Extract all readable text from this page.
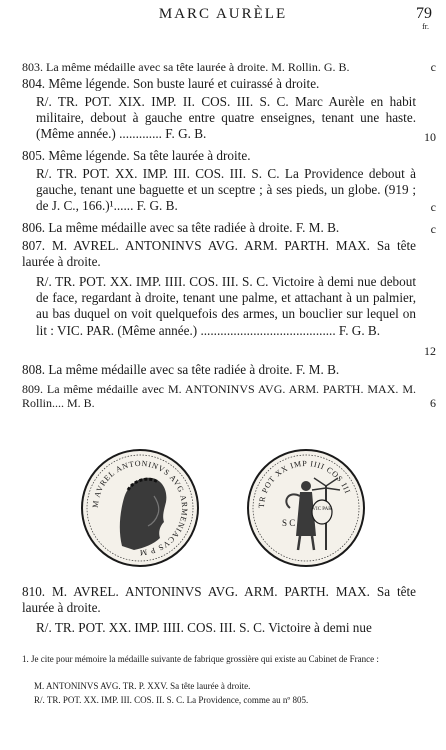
MARC AURÈLE	79
fr.
803. La même médaille avec sa tête laurée à droite. M. Rollin. G. B.	c
804. Même légende. Son buste lauré et cuirassé à droite.
R/. TR. POT. XIX. IMP. II. COS. III. S. C. Marc Aurèle en habit militaire, debout à gauche entre quatre enseignes, tenant une haste. (Même année.) ............. F. G. B.	10
805. Même légende. Sa tête laurée à droite.
R/. TR. POT. XX. IMP. III. COS. III. S. C. La Providence debout à gauche, tenant une baguette et un sceptre ; à ses pieds, un globe. (919 ; de J. C., 166.)¹...... F. G. B.	c
806. La même médaille avec sa tête radiée à droite. F. M. B.	c
807. M. AVREL. ANTONINVS AVG. ARM. PARTH. MAX. Sa tête laurée à droite.
R/. TR. POT. XX. IMP. IIII. COS. III. S. C. Victoire à demi nue debout de face, regardant à droite, tenant une palme, et attachant à un palmier, au bas duquel on voit quelquefois des armes, un bouclier sur lequel on lit : VIC. PAR. (Même année.) ......................................... F. G. B.
12
808. La même médaille avec sa tête radiée à droite. F. M. B.
809. La même médaille avec M. ANTONINVS AVG. ARM. PARTH. MAX. M. Rollin.... M. B.	6
M AVREL ANTONINVS AVG ARMENIACVS P M
TR POT XX IMP IIII COS III
VIC PAR
S C
810. M. AVREL. ANTONINVS AVG. ARM. PARTH. MAX. Sa tête laurée à droite.
R/. TR. POT. XX. IMP. IIII. COS. III. S. C. Victoire à demi nue
1. Je cite pour mémoire la médaille suivante de fabrique grossière qui existe au Cabinet de France :
M. ANTONINVS AVG. TR. P. XXV. Sa tête laurée à droite.
R/. TR. POT. XX. IMP. III. COS. II. S. C. La Providence, comme au nº 805.
